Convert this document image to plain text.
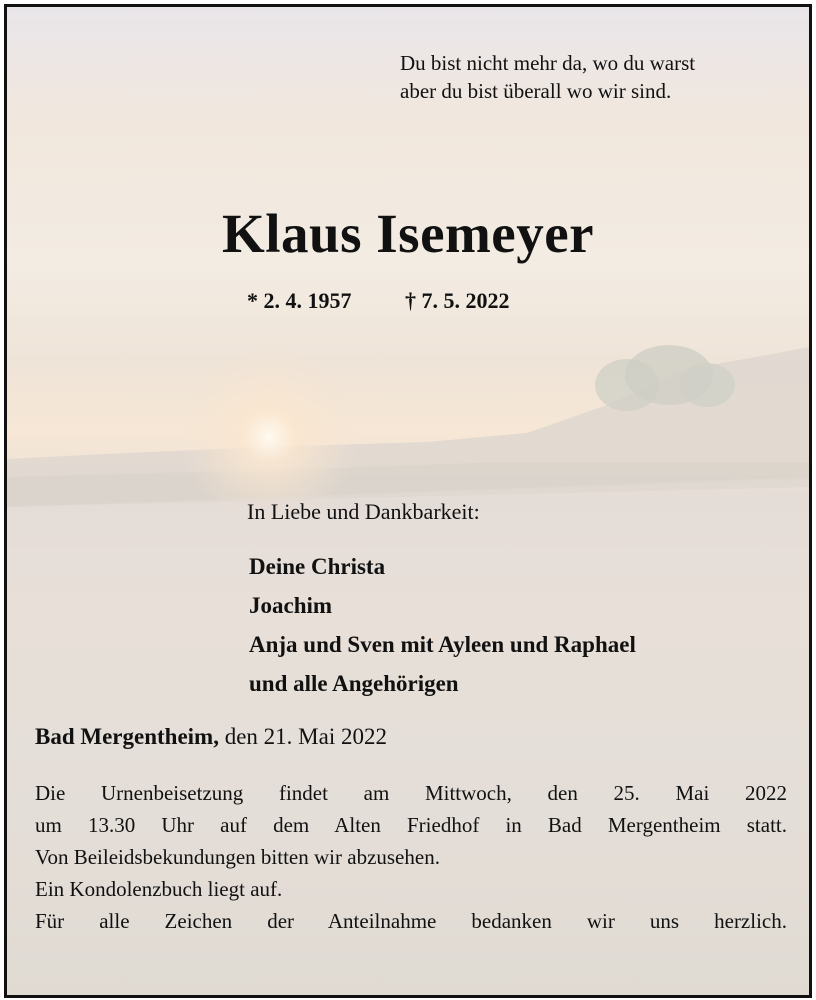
Du bist nicht mehr da, wo du warst
aber du bist überall wo wir sind.
Klaus Isemeyer
* 2. 4. 1957 † 7. 5. 2022
In Liebe und Dankbarkeit:
Deine Christa
Joachim
Anja und Sven mit Ayleen und Raphael
und alle Angehörigen
Bad Mergentheim, den 21. Mai 2022
Die Urnenbeisetzung findet am Mittwoch, den 25. Mai 2022
um 13.30 Uhr auf dem Alten Friedhof in Bad Mergentheim statt.
Von Beileidsbekundungen bitten wir abzusehen.
Ein Kondolenzbuch liegt auf.
Für alle Zeichen der Anteilnahme bedanken wir uns herzlich.
